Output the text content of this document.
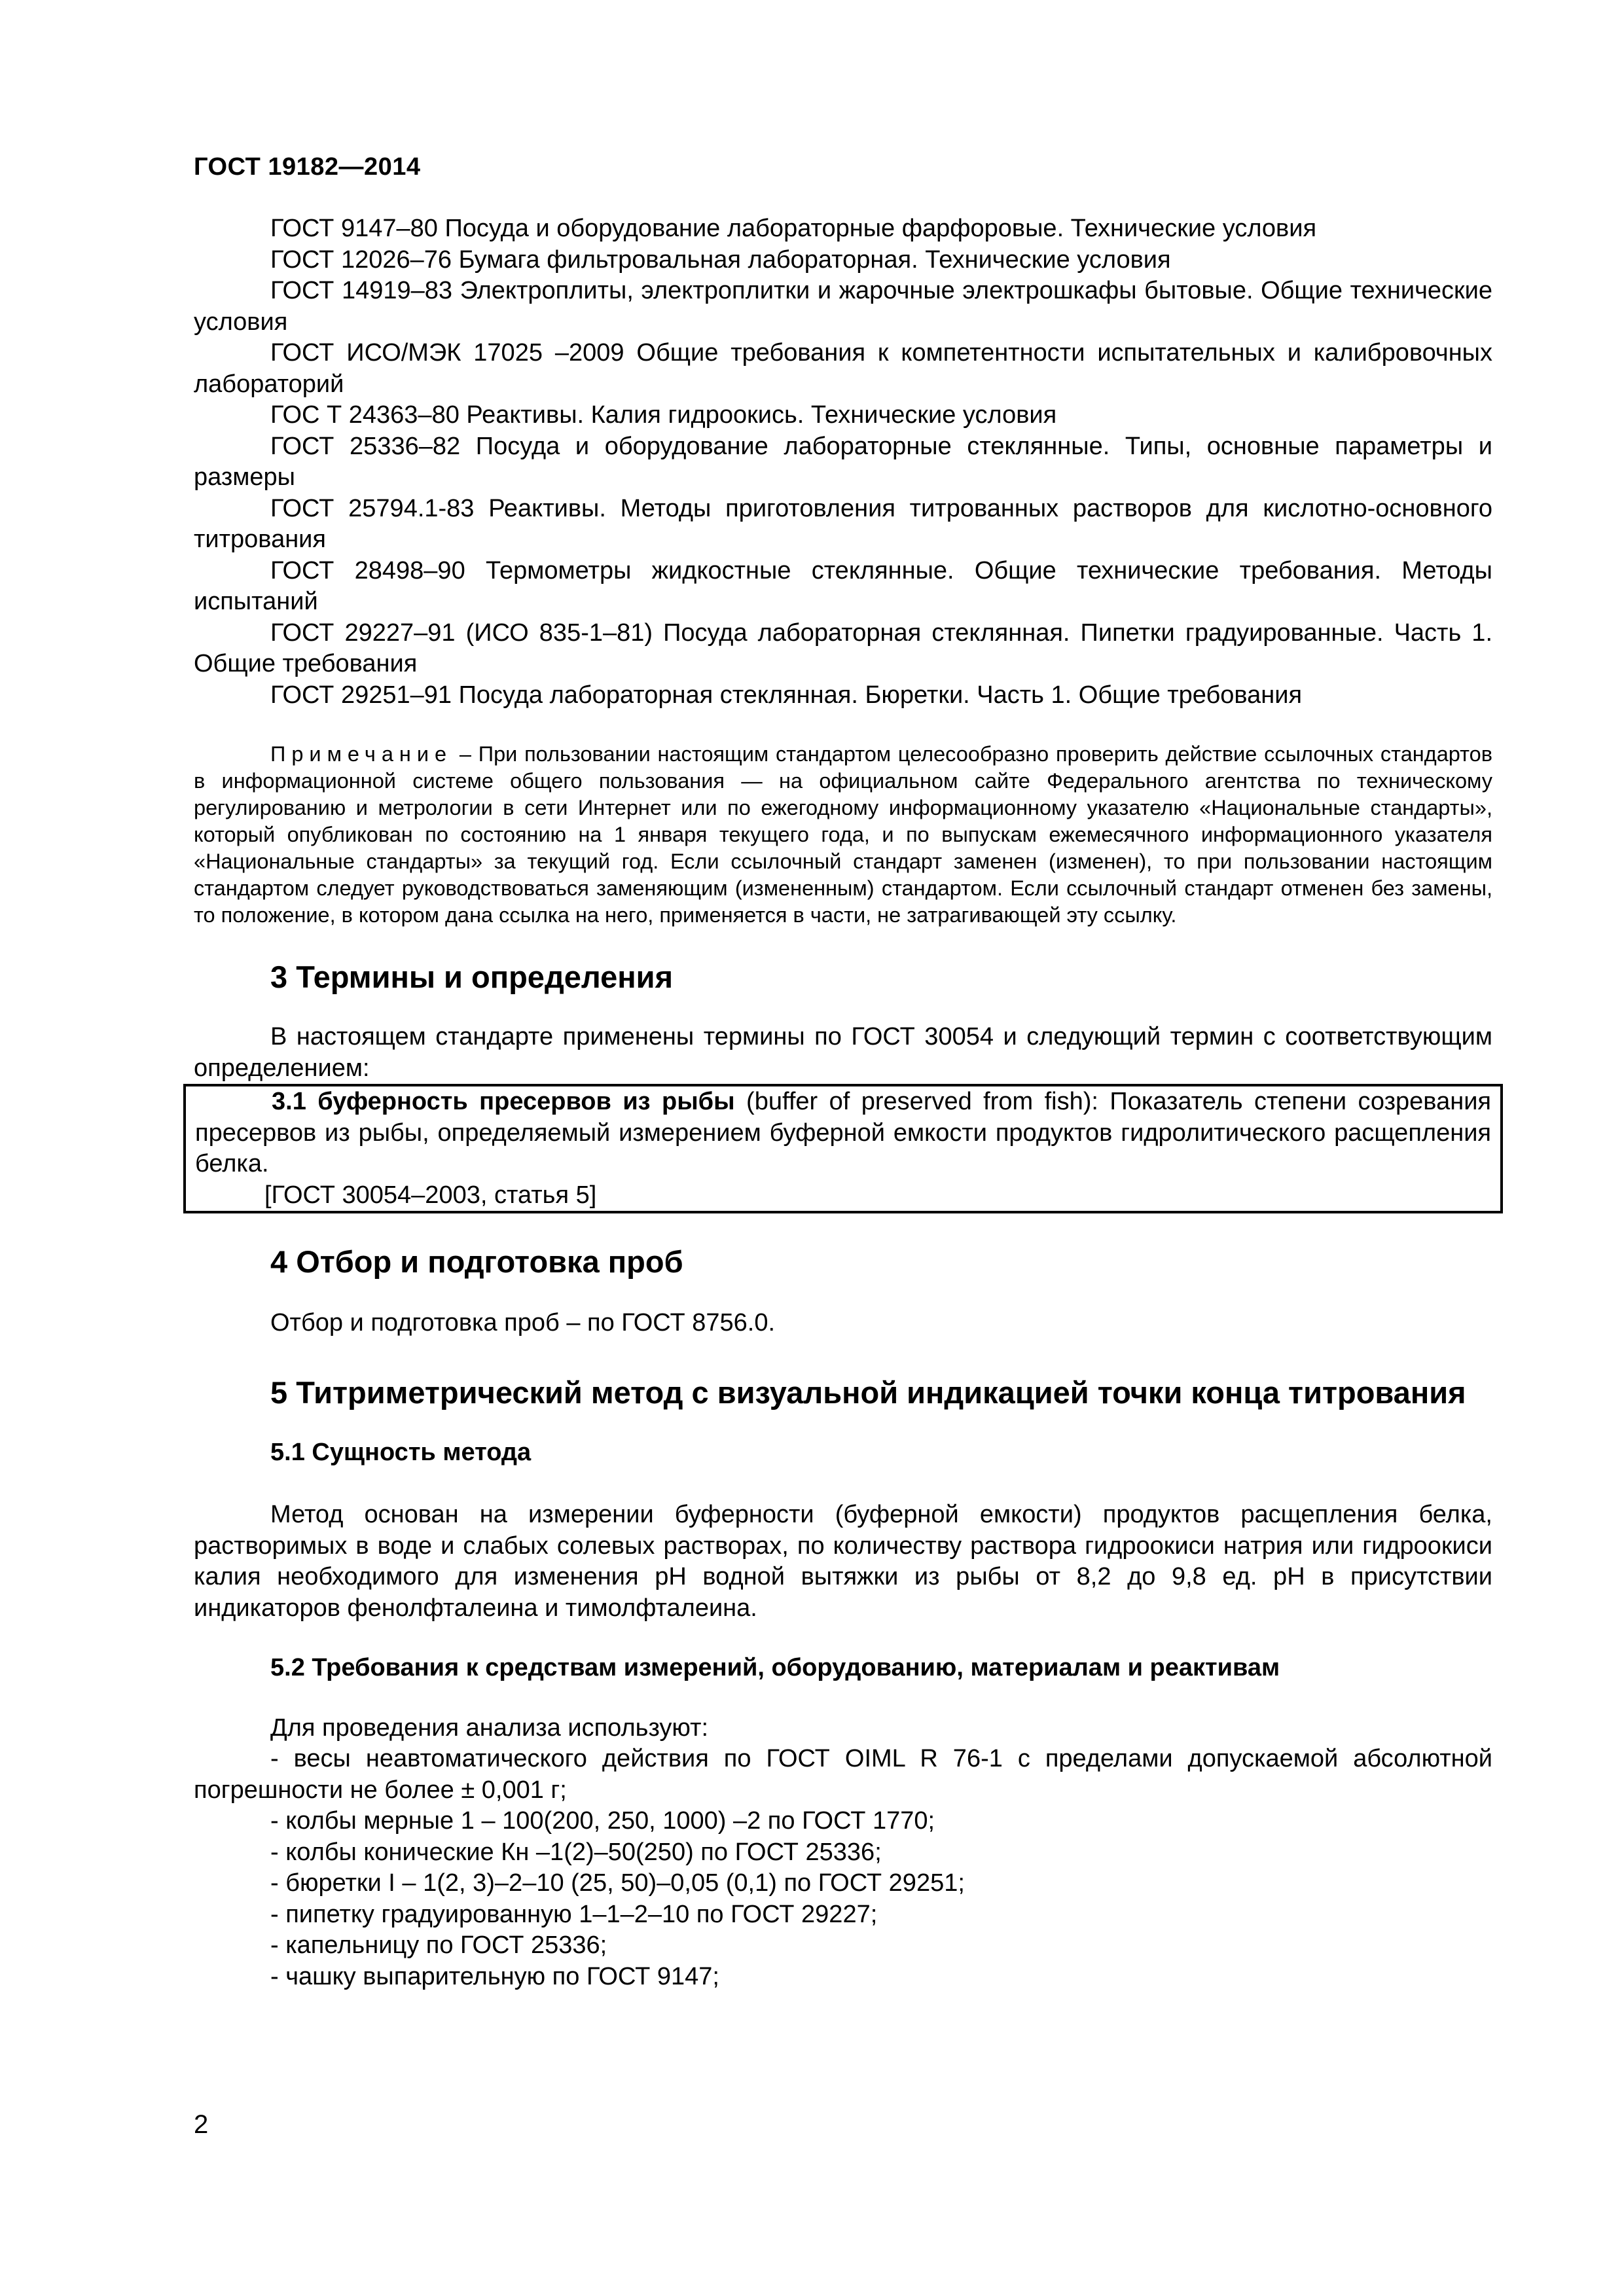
ГОСТ 19182—2014

ГОСТ 9147–80 Посуда и оборудование лабораторные фарфоровые. Технические условия

ГОСТ 12026–76 Бумага фильтровальная лабораторная. Технические условия

ГОСТ 14919–83 Электроплиты, электроплитки и жарочные электрошкафы бытовые. Общие технические условия

ГОСТ ИСО/МЭК 17025 –2009 Общие требования к компетентности испытательных и калибровочных лабораторий

ГОС Т 24363–80 Реактивы. Калия гидроокись. Технические условия

ГОСТ 25336–82 Посуда и оборудование лабораторные стеклянные. Типы, основные параметры и размеры

ГОСТ 25794.1-83 Реактивы. Методы приготовления титрованных растворов для кислотно-основного титрования

ГОСТ 28498–90 Термометры жидкостные стеклянные. Общие технические требования. Методы испытаний

ГОСТ 29227–91 (ИСО 835-1–81) Посуда лабораторная стеклянная. Пипетки градуированные. Часть 1. Общие требования

ГОСТ 29251–91 Посуда лабораторная стеклянная. Бюретки. Часть 1. Общие требования

Примечание – При пользовании настоящим стандартом целесообразно проверить действие ссылочных стандартов в информационной системе общего пользования — на официальном сайте Федерального агентства по техническому регулированию и метрологии в сети Интернет или по ежегодному информационному указателю «Национальные стандарты», который опубликован по состоянию на 1 января текущего года, и по выпускам ежемесячного информационного указателя «Национальные стандарты» за текущий год. Если ссылочный стандарт заменен (изменен), то при пользовании настоящим стандартом следует руководствоваться заменяющим (измененным) стандартом. Если ссылочный стандарт отменен без замены, то положение, в котором дана ссылка на него, применяется в части, не затрагивающей эту ссылку.

3 Термины и определения

В настоящем стандарте применены термины по ГОСТ 30054 и следующий термин с соответствующим определением:

3.1 буферность пресервов из рыбы (buffer of preserved from fish): Показатель степени созревания пресервов из рыбы, определяемый измерением буферной емкости продуктов гидролитического расщепления белка.

[ГОСТ 30054–2003, статья 5]

4 Отбор и подготовка проб

Отбор и подготовка проб – по ГОСТ 8756.0.

5 Титриметрический метод с визуальной индикацией точки конца титрования
5.1 Сущность метода

Метод основан на измерении буферности (буферной емкости) продуктов расщепления белка, растворимых в воде и слабых солевых растворах, по количеству раствора гидроокиси натрия или гидроокиси калия необходимого для изменения pH водной вытяжки из рыбы от 8,2 до 9,8 ед. pH в присутствии индикаторов фенолфталеина и тимолфталеина.

5.2 Требования к средствам измерений, оборудованию, материалам и реактивам

Для проведения анализа используют:

- весы неавтоматического действия по ГОСТ OIML R 76-1 с пределами допускаемой абсолютной погрешности не более ± 0,001 г;

- колбы мерные 1 – 100(200, 250, 1000) –2 по ГОСТ 1770;

- колбы конические Кн –1(2)–50(250) по ГОСТ 25336;

- бюретки I – 1(2, 3)–2–10 (25, 50)–0,05 (0,1) по ГОСТ 29251;

- пипетку градуированную 1–1–2–10 по ГОСТ 29227;

- капельницу по ГОСТ 25336;

- чашку выпарительную по ГОСТ 9147;

2
